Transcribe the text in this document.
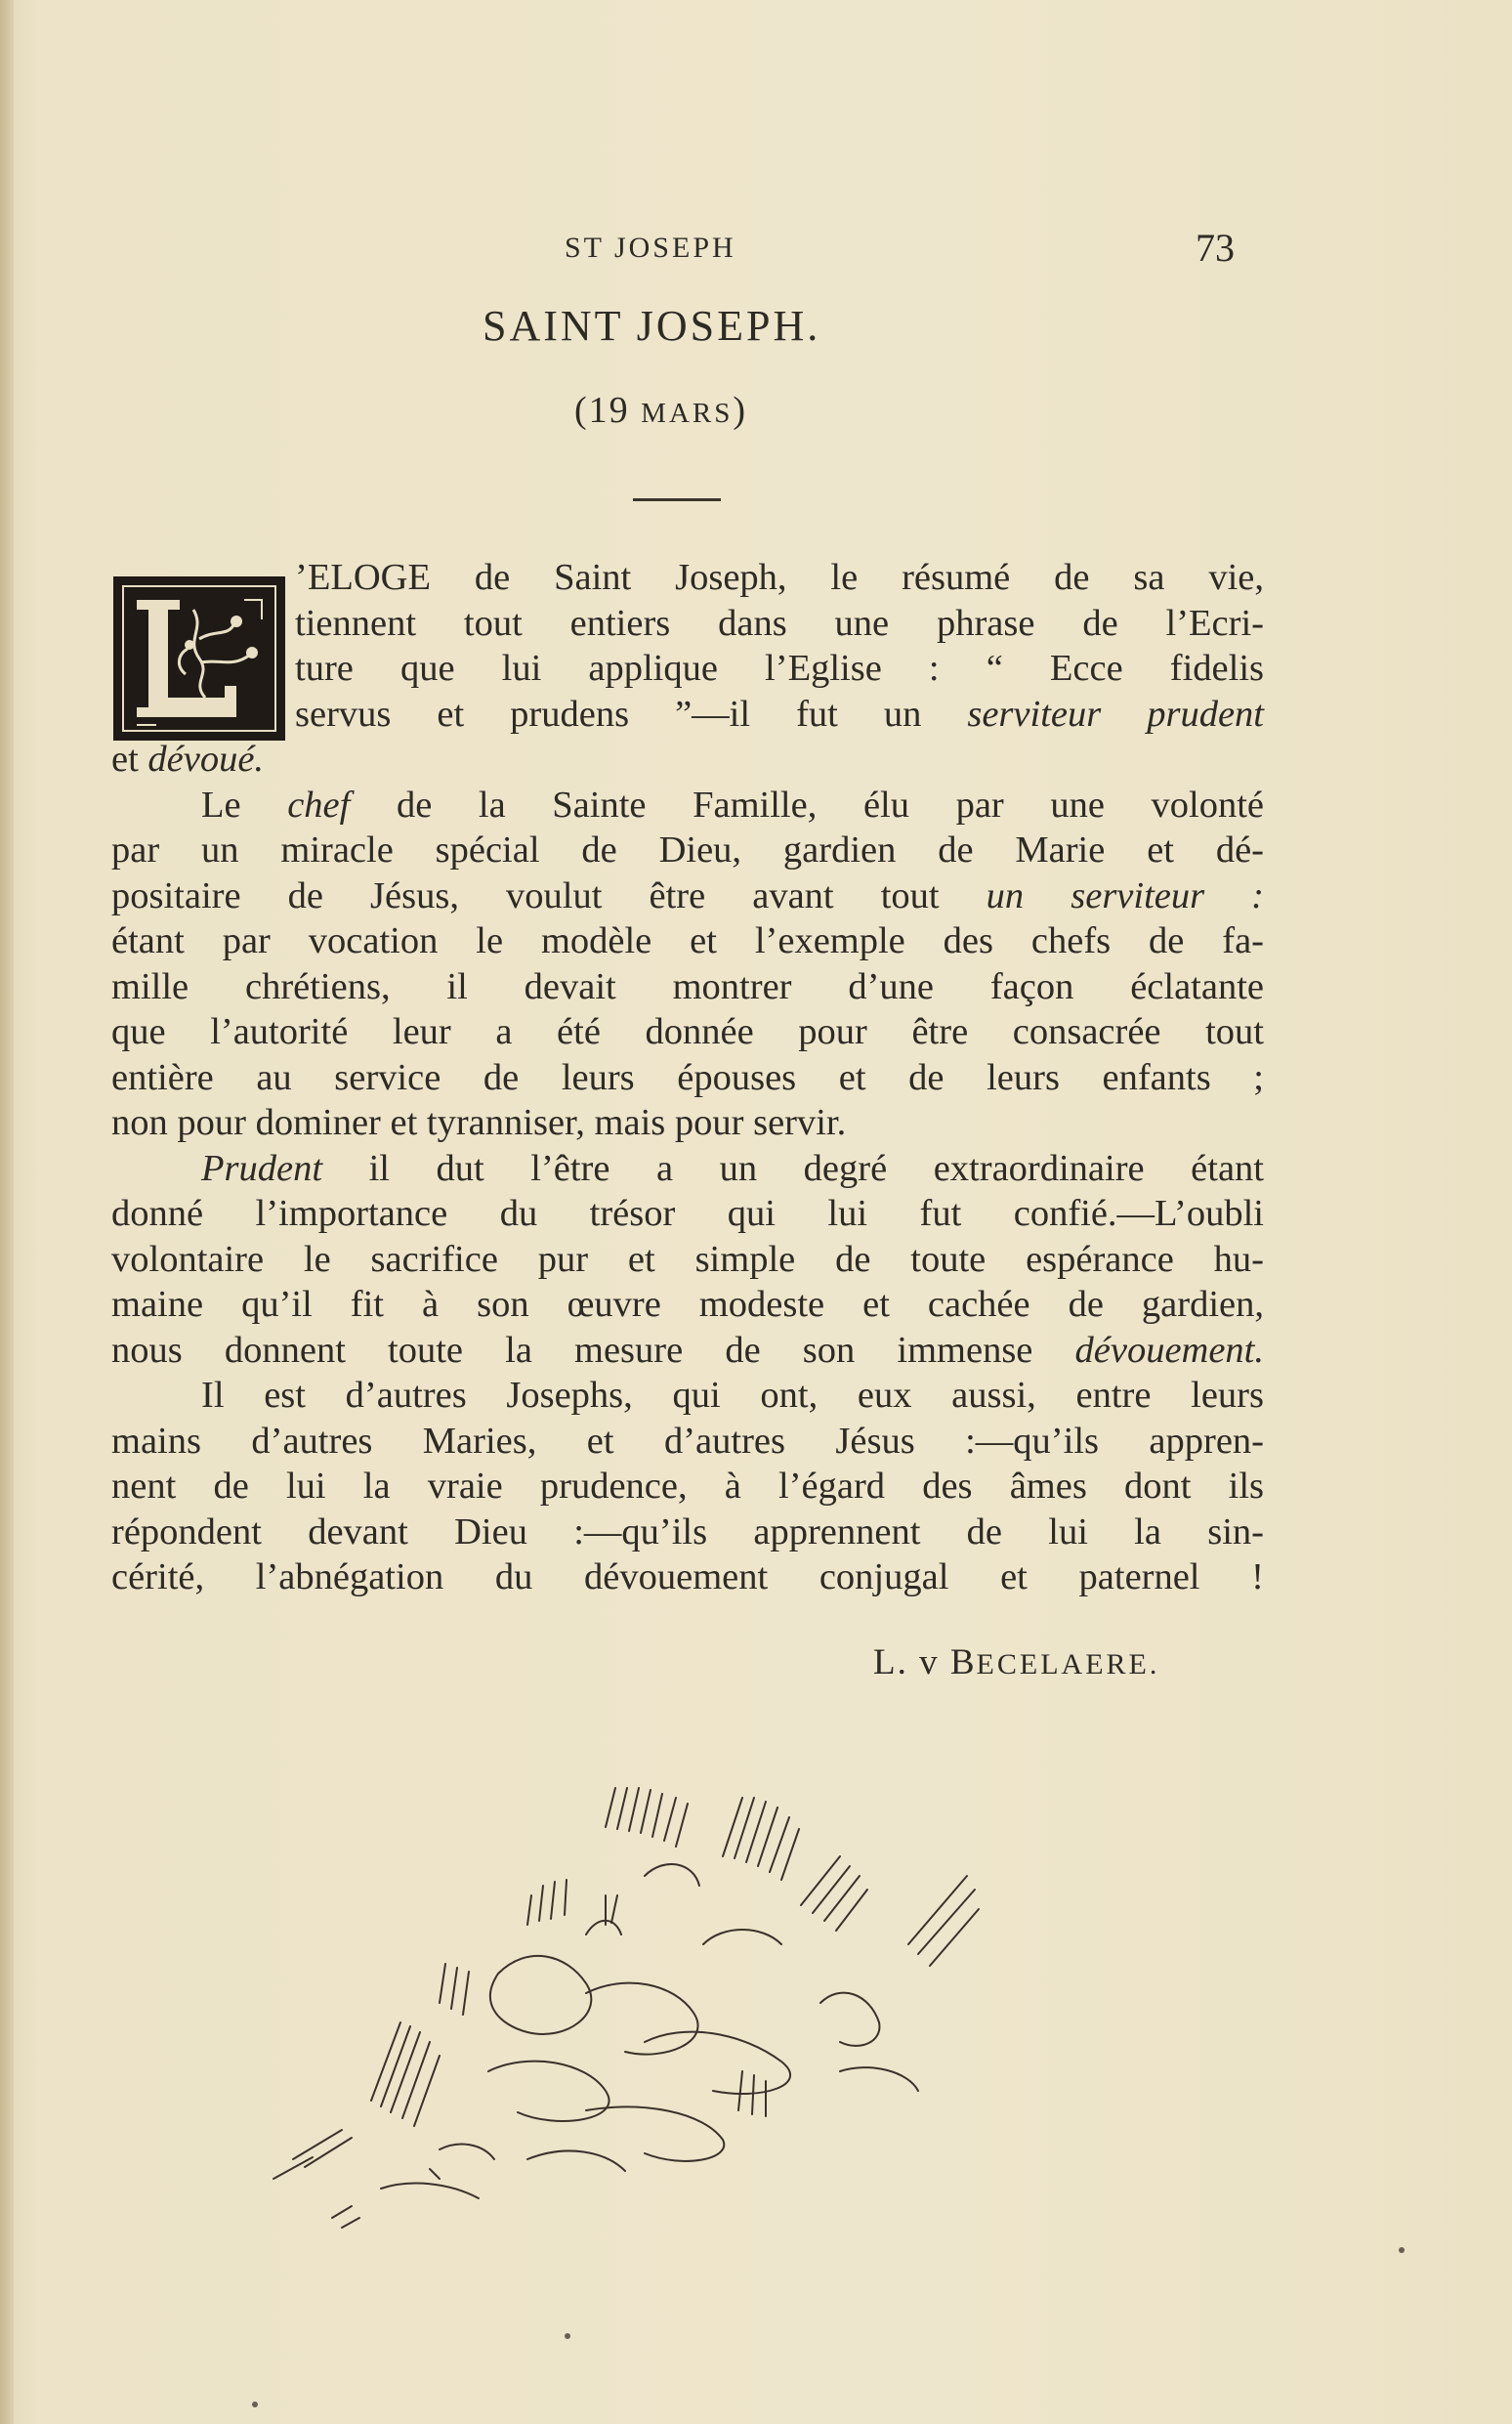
ST JOSEPH	73
SAINT JOSEPH.
(19 MARS)
’ELOGE de Saint Joseph, le résumé de sa vie,
tiennent tout entiers dans une phrase de l’Ecri-
ture que lui applique l’Eglise : “ Ecce fidelis
servus et prudens ”—il fut un serviteur prudent
et dévoué.
Le chef de la Sainte Famille, élu par une volonté
par un miracle spécial de Dieu, gardien de Marie et dé-
positaire de Jésus, voulut être avant tout un serviteur :
étant par vocation le modèle et l’exemple des chefs de fa-
mille chrétiens, il devait montrer d’une façon éclatante
que l’autorité leur a été donnée pour être consacrée tout
entière au service de leurs épouses et de leurs enfants ;
non pour dominer et tyranniser, mais pour servir.
Prudent il dut l’être a un degré extraordinaire étant
donné l’importance du trésor qui lui fut confié.—L’oubli
volontaire le sacrifice pur et simple de toute espérance hu-
maine qu’il fit à son œuvre modeste et cachée de gardien,
nous donnent toute la mesure de son immense dévouement.
Il est d’autres Josephs, qui ont, eux aussi, entre leurs
mains d’autres Maries, et d’autres Jésus :—qu’ils appren-
nent de lui la vraie prudence, à l’égard des âmes dont ils
répondent devant Dieu :—qu’ils apprennent de lui la sin-
cérité, l’abnégation du dévouement conjugal et paternel !
L. v BECELAERE.
